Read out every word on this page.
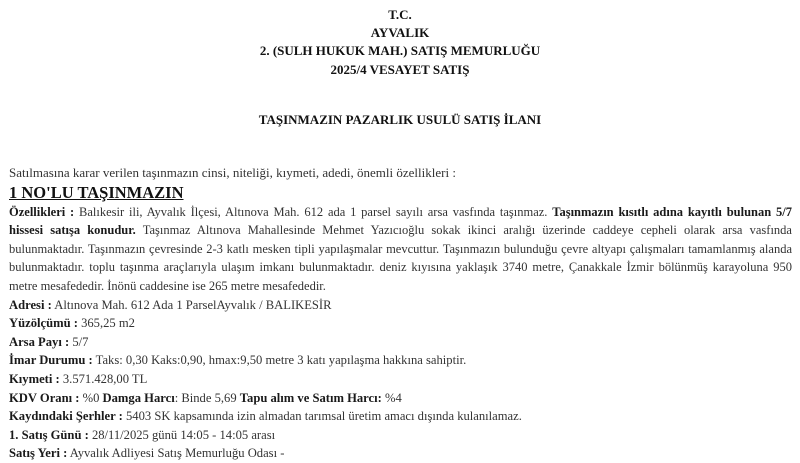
T.C.
AYVALIK
2. (SULH HUKUK MAH.) SATIŞ MEMURLUĞU
2025/4 VESAYET SATIŞ
TAŞINMAZIN PAZARLIK USULÜ SATIŞ İLANI
Satılmasına karar verilen taşınmazın cinsi, niteliği, kıymeti, adedi, önemli özellikleri :
1 NO'LU TAŞINMAZIN
Özellikleri : Balıkesir ili, Ayvalık İlçesi, Altınova Mah. 612 ada 1 parsel sayılı arsa vasfında taşınmaz. Taşınmazın kısıtlı adına kayıtlı bulunan 5/7 hissesi satışa konudur. Taşınmaz Altınova Mahallesinde Mehmet Yazıcıoğlu sokak ikinci aralığı üzerinde caddeye cepheli olarak arsa vasfında bulunmaktadır. Taşınmazın çevresinde 2-3 katlı mesken tipli yapılaşmalar mevcuttur. Taşınmazın bulunduğu çevre altyapı çalışmaları tamamlanmış alanda bulunmaktadır. toplu taşınma araçlarıyla ulaşım imkanı bulunmaktadır. deniz kıyısına yaklaşık 3740 metre, Çanakkale İzmir bölünmüş karayoluna 950 metre mesafededir. İnönü caddesine ise 265 metre mesafededir.
Adresi : Altınova Mah. 612 Ada 1 ParselAyvalık / BALIKESİR
Yüzölçümü : 365,25 m2
Arsa Payı : 5/7
İmar Durumu : Taks: 0,30 Kaks:0,90, hmax:9,50 metre 3 katı yapılaşma hakkına sahiptir.
Kıymeti : 3.571.428,00 TL
KDV Oranı : %0 Damga Harcı: Binde 5,69 Tapu alım ve Satım Harcı: %4
Kaydındaki Şerhler : 5403 SK kapsamında izin almadan tarımsal üretim amacı dışında kulanılamaz.
1. Satış Günü : 28/11/2025 günü 14:05 - 14:05 arası
Satış Yeri : Ayvalık Adliyesi Satış Memurluğu Odası -
